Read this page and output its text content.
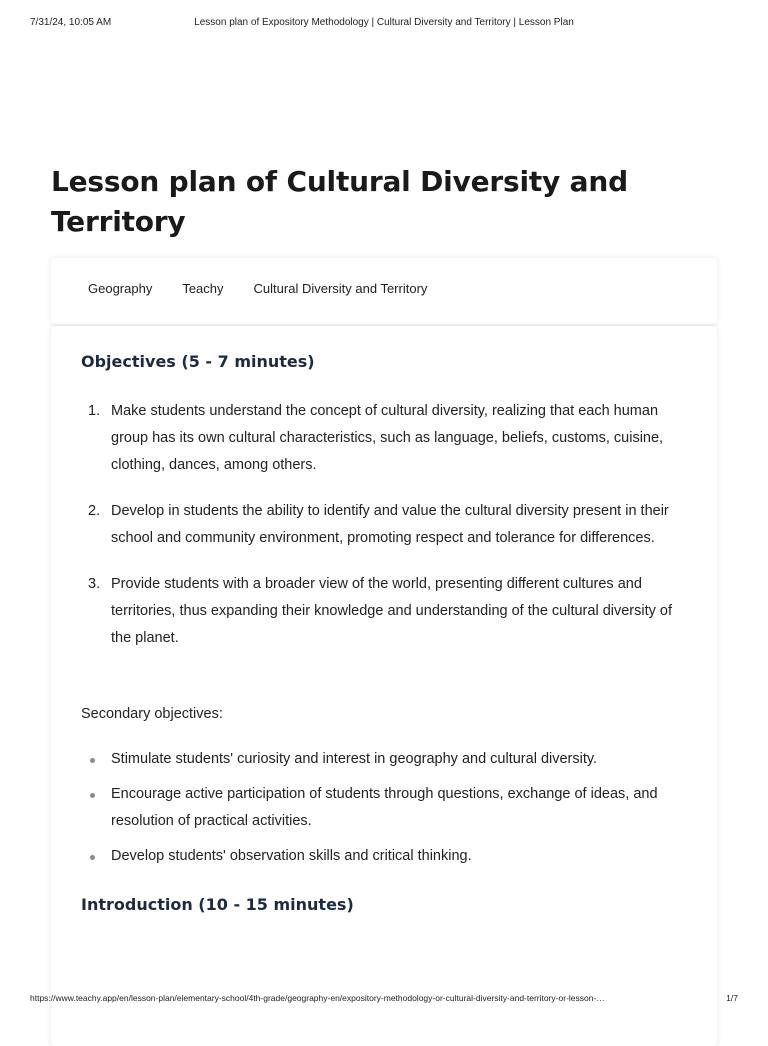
7/31/24, 10:05 AM	Lesson plan of Expository Methodology | Cultural Diversity and Territory | Lesson Plan
Lesson plan of Cultural Diversity and Territory
Geography Teachy Cultural Diversity and Territory
Objectives (5 - 7 minutes)
1. Make students understand the concept of cultural diversity, realizing that each human group has its own cultural characteristics, such as language, beliefs, customs, cuisine, clothing, dances, among others.
2. Develop in students the ability to identify and value the cultural diversity present in their school and community environment, promoting respect and tolerance for differences.
3. Provide students with a broader view of the world, presenting different cultures and territories, thus expanding their knowledge and understanding of the cultural diversity of the planet.

Secondary objectives:

Stimulate students' curiosity and interest in geography and cultural diversity.
Encourage active participation of students through questions, exchange of ideas, and resolution of practical activities.
Develop students' observation skills and critical thinking.
Introduction (10 - 15 minutes)
https://www.teachy.app/en/lesson-plan/elementary-school/4th-grade/geography-en/expository-methodology-or-cultural-diversity-and-territory-or-lesson-…	1/7
